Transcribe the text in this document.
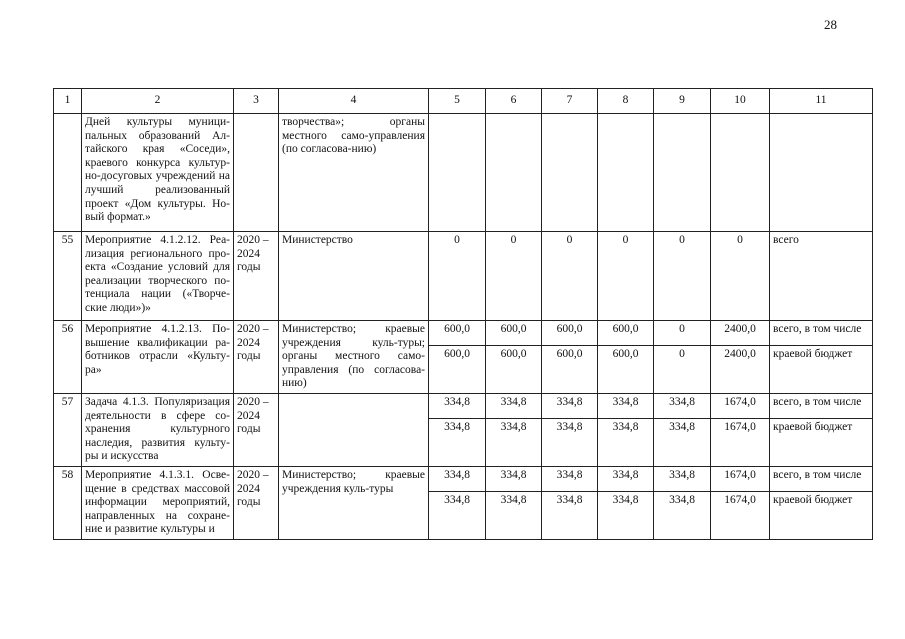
28
1	2	3	4	5	6	7	8	9	10	11
	Дней культуры муници-пальных образований Ал-тайского края «Соседи», краевого конкурса культур-но-досуговых учреждений на лучший реализованный проект «Дом культуры. Но-вый формат.»		творчества»; органы местного само-управления (по согласова-нию)							
55	Мероприятие 4.1.2.12. Реа-лизация регионального про-екта «Создание условий для реализации творческого по-тенциала нации («Творче-ские люди»)»	2020 – 2024 годы	Министерство	0	0	0	0	0	0	всего
56	Мероприятие 4.1.2.13. По-вышение квалификации ра-ботников отрасли «Культу-ра»	2020 – 2024 годы	Министерство; краевые учреждения куль-туры; органы местного само-управления (по согласова-нию)	600,0	600,0	600,0	600,0	0	2400,0	всего, в том числе
				600,0	600,0	600,0	600,0	0	2400,0	краевой бюджет
57	Задача 4.1.3. Популяризация деятельности в сфере со-хранения культурного наследия, развития культу-ры и искусства	2020 – 2024 годы		334,8	334,8	334,8	334,8	334,8	1674,0	всего, в том числе
				334,8	334,8	334,8	334,8	334,8	1674,0	краевой бюджет
58	Мероприятие 4.1.3.1. Осве-щение в средствах массовой информации мероприятий, направленных на сохране-ние и развитие культуры и	2020 – 2024 годы	Министерство; краевые учреждения куль-туры	334,8	334,8	334,8	334,8	334,8	1674,0	всего, в том числе
				334,8	334,8	334,8	334,8	334,8	1674,0	краевой бюджет
